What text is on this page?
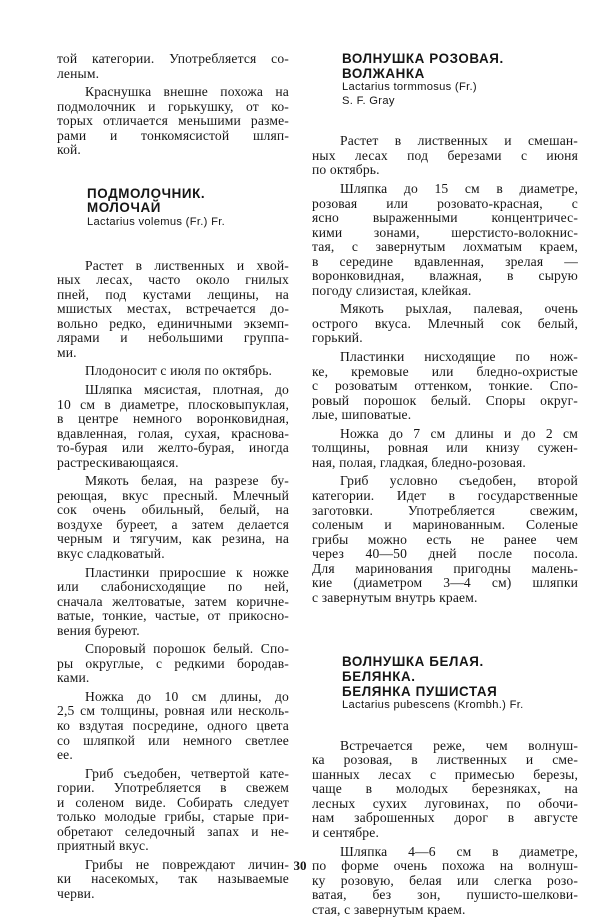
той категории. Употребляется со-
леным.
Краснушка внешне похожа на
подмолочник и горькушку, от ко-
торых отличается меньшими разме-
рами и тонкомясистой шляп-
кой.
ПОДМОЛОЧНИК.
МОЛОЧАЙ
Lactarius volemus (Fr.) Fr.
Растет в лиственных и хвой-
ных лесах, часто около гнилых
пней, под кустами лещины, на
мшистых местах, встречается до-
вольно редко, единичными экземп-
лярами и небольшими группа-
ми.
Плодоносит с июля по октябрь.
Шляпка мясистая, плотная, до
10 см в диаметре, плосковыпуклая,
в центре немного воронковидная,
вдавленная, голая, сухая, краснова-
то-бурая или желто-бурая, иногда
растрескивающаяся.
Мякоть белая, на разрезе бу-
реющая, вкус пресный. Млечный
сок очень обильный, белый, на
воздухе буреет, а затем делается
черным и тягучим, как резина, на
вкус сладковатый.
Пластинки приросшие к ножке
или слабонисходящие по ней,
сначала желтоватые, затем коричне-
ватые, тонкие, частые, от прикосно-
вения буреют.
Споровый порошок белый. Спо-
ры округлые, с редкими бородав-
ками.
Ножка до 10 см длины, до
2,5 см толщины, ровная или несколь-
ко вздутая посредине, одного цвета
со шляпкой или немного светлее
ее.
Гриб съедобен, четвертой кате-
гории. Употребляется в свежем
и соленом виде. Собирать следует
только молодые грибы, старые при-
обретают селедочный запах и не-
приятный вкус.
Грибы не повреждают личин-
ки насекомых, так называемые
черви.
ВОЛНУШКА РОЗОВАЯ.
ВОЛЖАНКА
Lactarius tormmosus (Fr.)
S. F. Gray
Растет в лиственных и смешан-
ных лесах под березами с июня
по октябрь.
Шляпка до 15 см в диаметре,
розовая или розовато-красная, с
ясно выраженными концентричес-
кими зонами, шерстисто-волокнис-
тая, с завернутым лохматым краем,
в середине вдавленная, зрелая —
воронковидная, влажная, в сырую
погоду слизистая, клейкая.
Мякоть рыхлая, палевая, очень
острого вкуса. Млечный сок белый,
горький.
Пластинки нисходящие по нож-
ке, кремовые или бледно-охристые
с розоватым оттенком, тонкие. Спо-
ровый порошок белый. Споры округ-
лые, шиповатые.
Ножка до 7 см длины и до 2 см
толщины, ровная или книзу сужен-
ная, полая, гладкая, бледно-розовая.
Гриб условно съедобен, второй
категории. Идет в государственные
заготовки. Употребляется свежим,
соленым и маринованным. Соленые
грибы можно есть не ранее чем
через 40—50 дней после посола.
Для маринования пригодны малень-
кие (диаметром 3—4 см) шляпки
с завернутым внутрь краем.
ВОЛНУШКА БЕЛАЯ.
БЕЛЯНКА.
БЕЛЯНКА ПУШИСТАЯ
Lactarius pubescens (Krombh.) Fr.
Встречается реже, чем волнуш-
ка розовая, в лиственных и сме-
шанных лесах с примесью березы,
чаще в молодых березняках, на
лесных сухих луговинах, по обочи-
нам заброшенных дорог в августе
и сентябре.
Шляпка 4—6 см в диаметре,
по форме очень похожа на волнуш-
ку розовую, белая или слегка розо-
ватая, без зон, пушисто-шелкови-
стая, с завернутым краем.
30
